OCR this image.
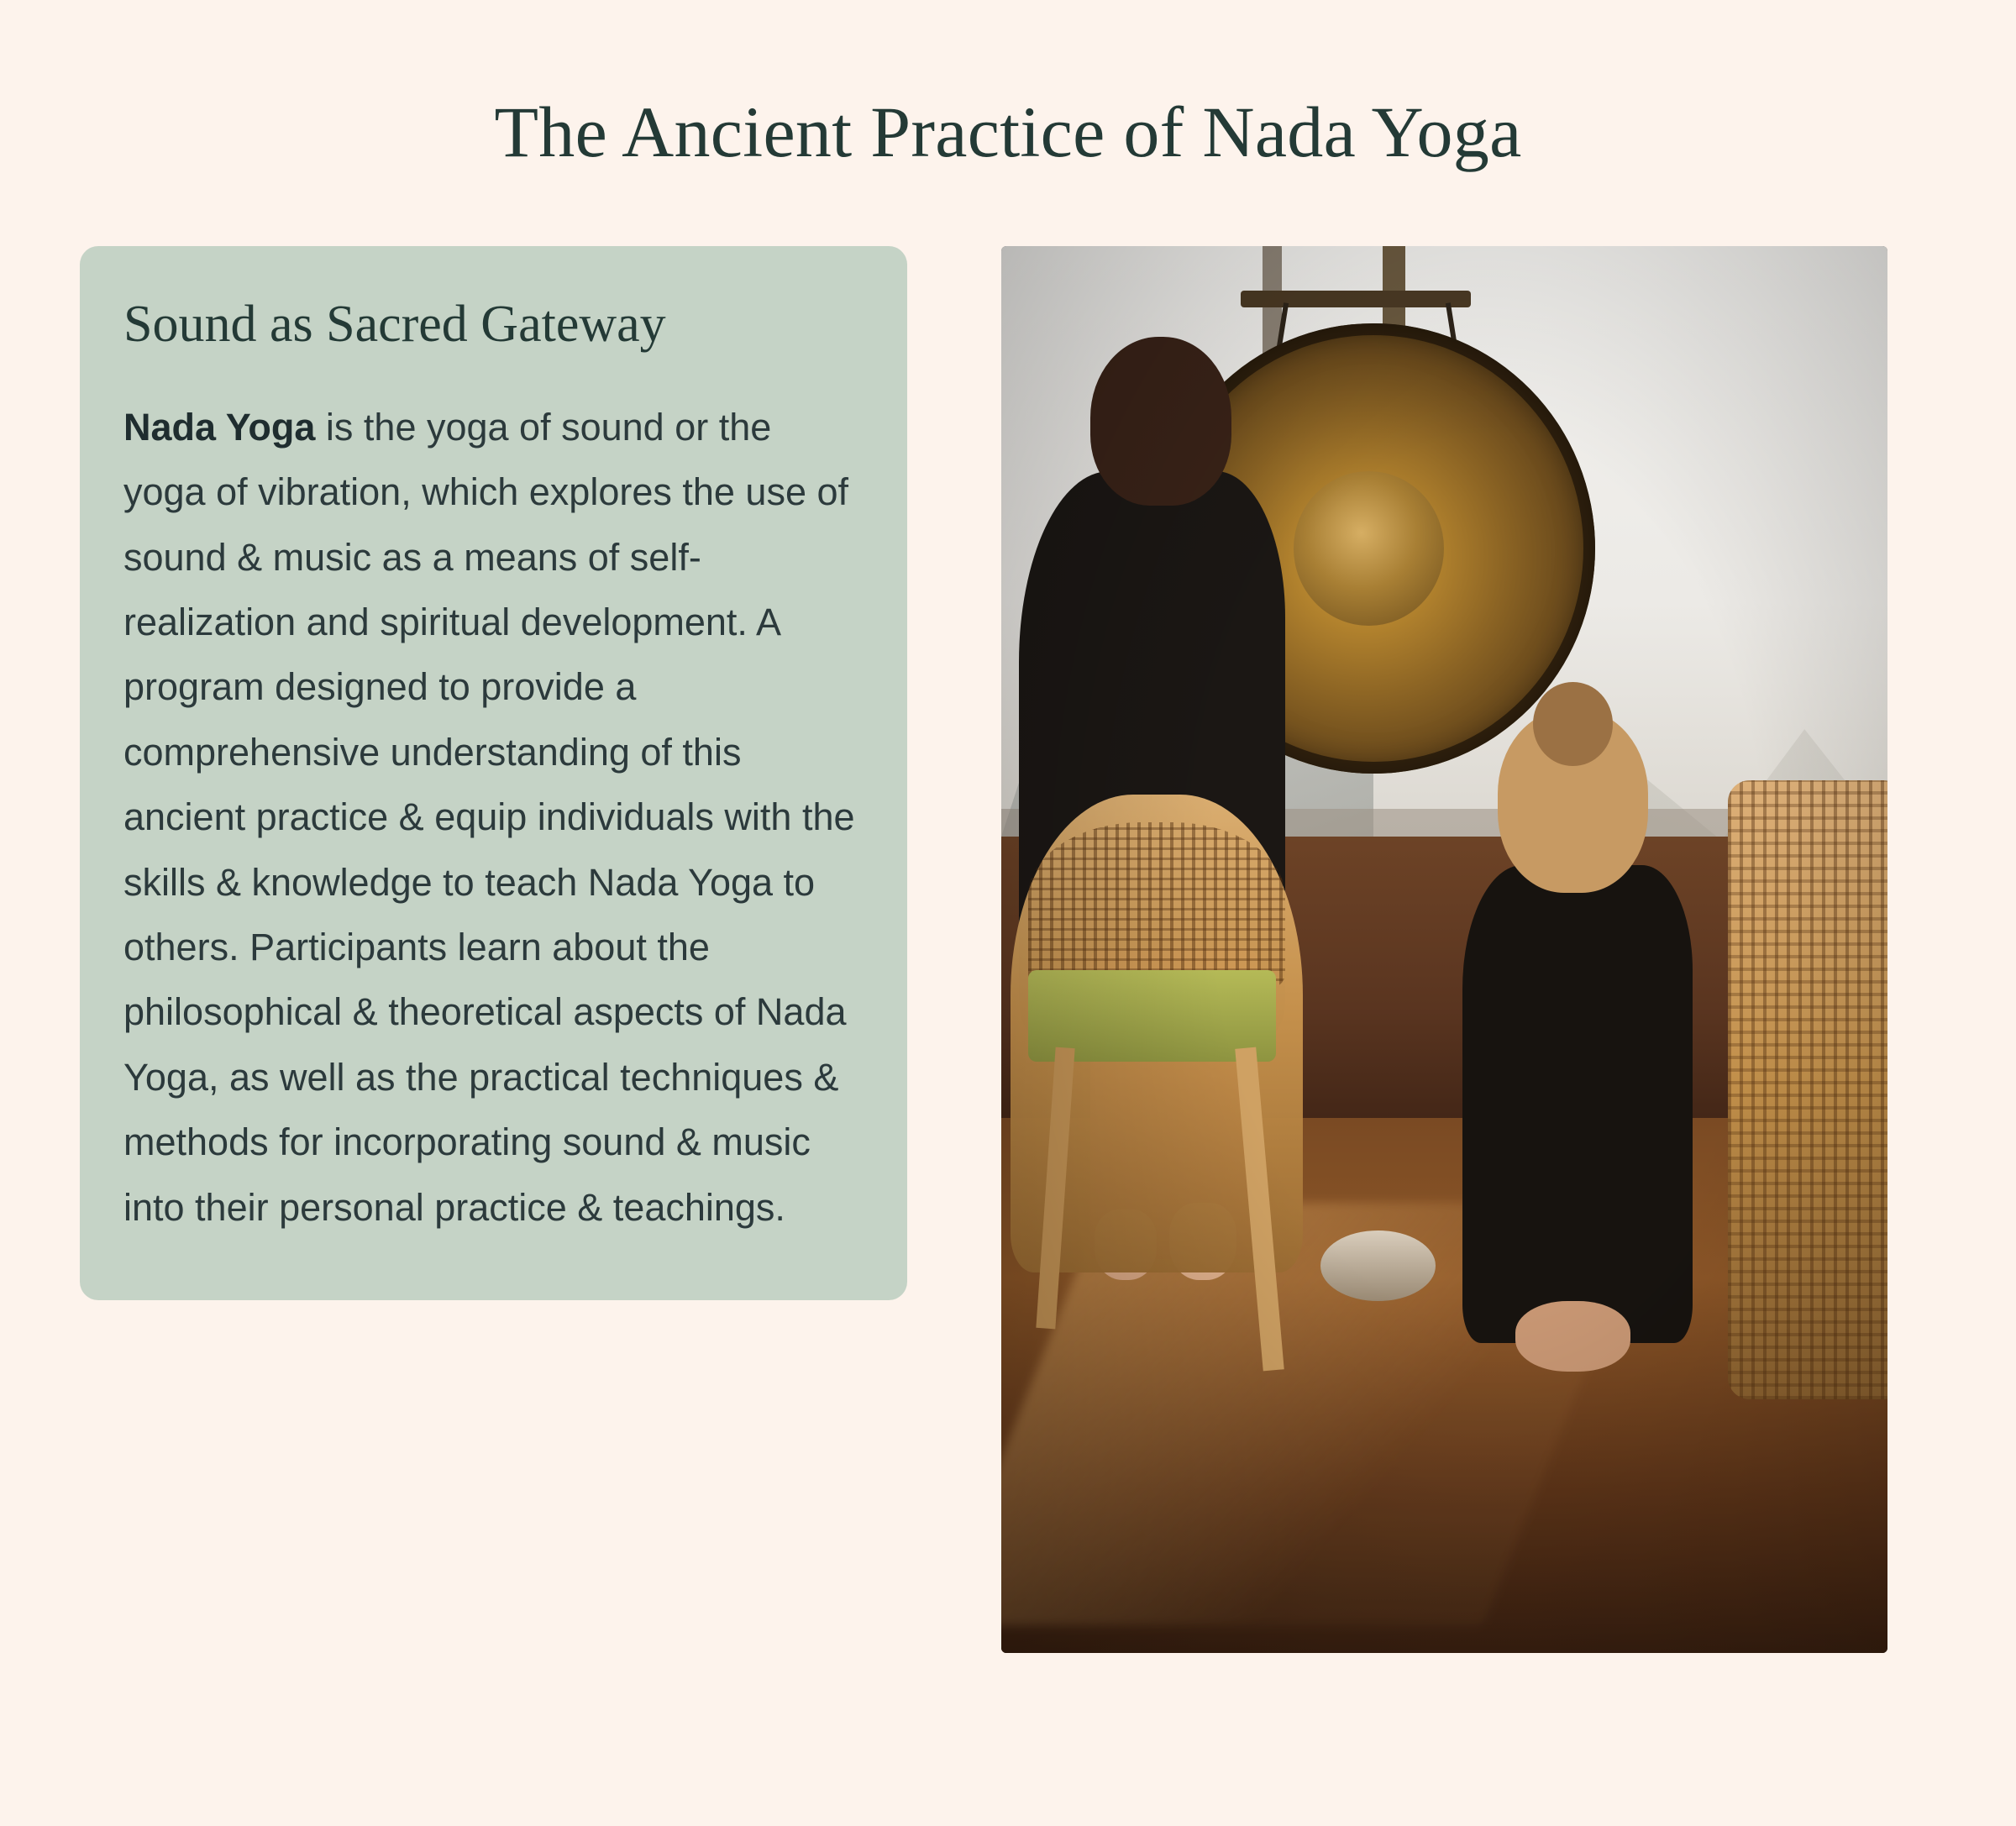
The Ancient Practice of Nada Yoga
Sound as Sacred Gateway

Nada Yoga is the yoga of sound or the yoga of vibration, which explores the use of sound & music as a means of self-realization and spiritual development. A program designed to provide a comprehensive understanding of this ancient practice & equip individuals with the skills & knowledge to teach Nada Yoga to others. Participants learn about the philosophical & theoretical aspects of Nada Yoga, as well as the practical techniques & methods for incorporating sound & music into their personal practice & teachings.
